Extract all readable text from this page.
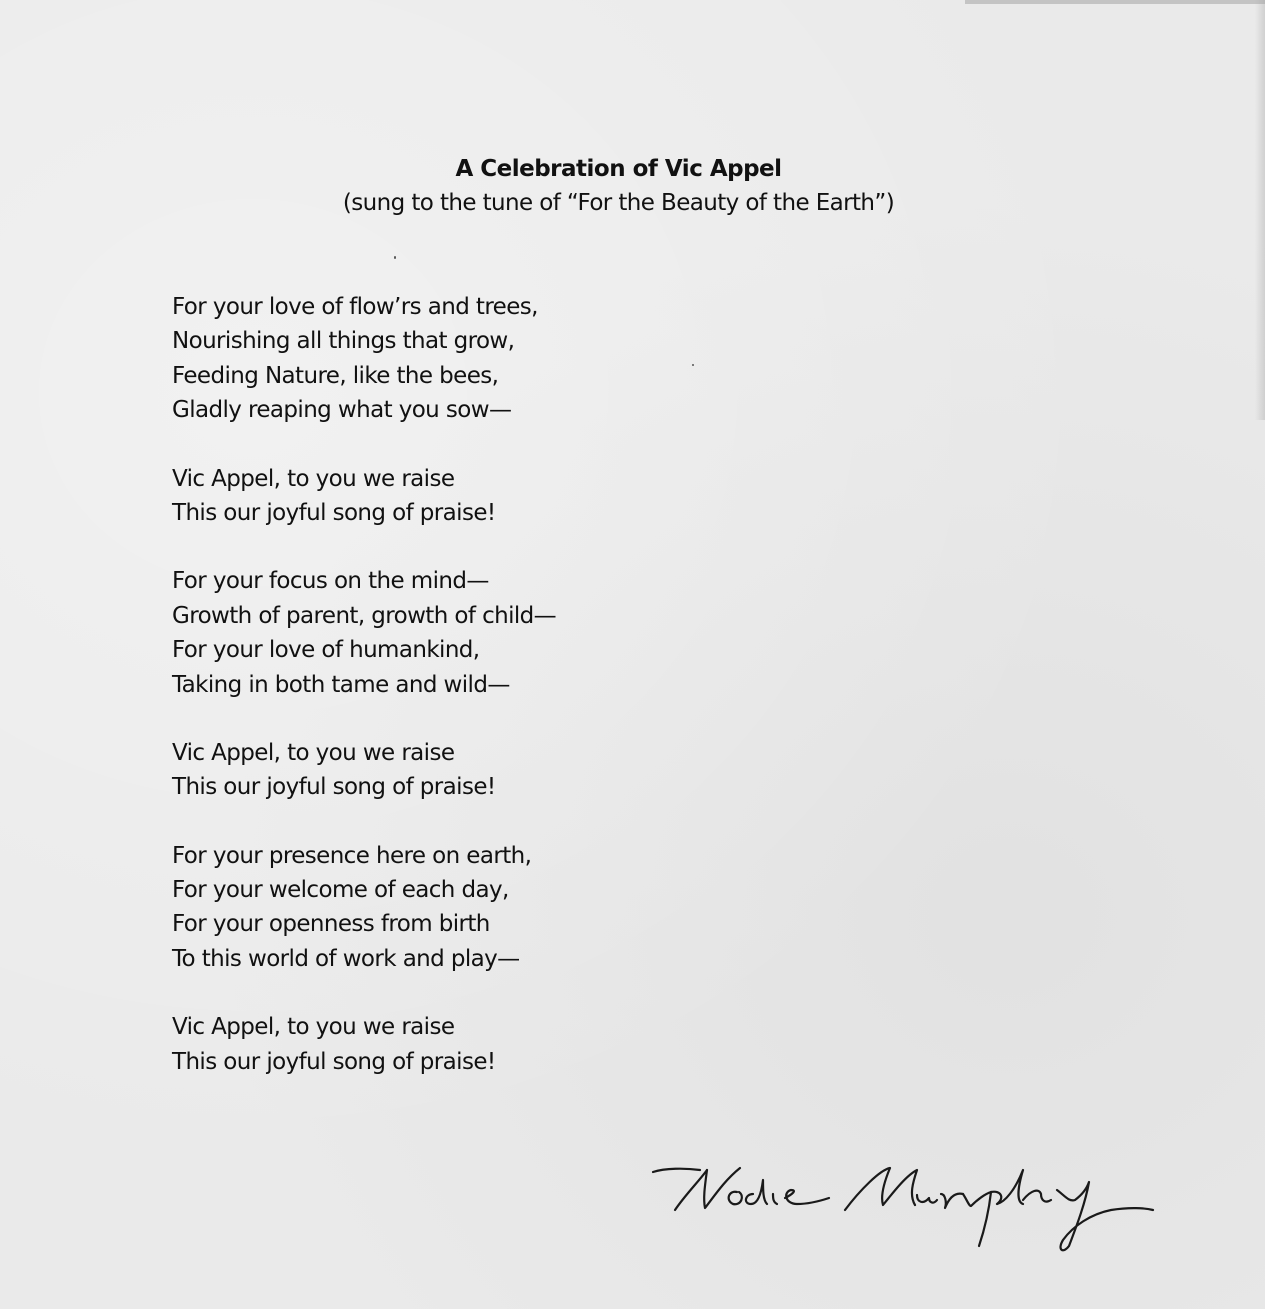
A Celebration of Vic Appel
(sung to the tune of “For the Beauty of the Earth”)
For your love of flow’rs and trees,
Nourishing all things that grow,
Feeding Nature, like the bees,
Gladly reaping what you sow—
Vic Appel, to you we raise
This our joyful song of praise!
For your focus on the mind—
Growth of parent, growth of child—
For your love of humankind,
Taking in both tame and wild—
Vic Appel, to you we raise
This our joyful song of praise!
For your presence here on earth,
For your welcome of each day,
For your openness from birth
To this world of work and play—
Vic Appel, to you we raise
This our joyful song of praise!
